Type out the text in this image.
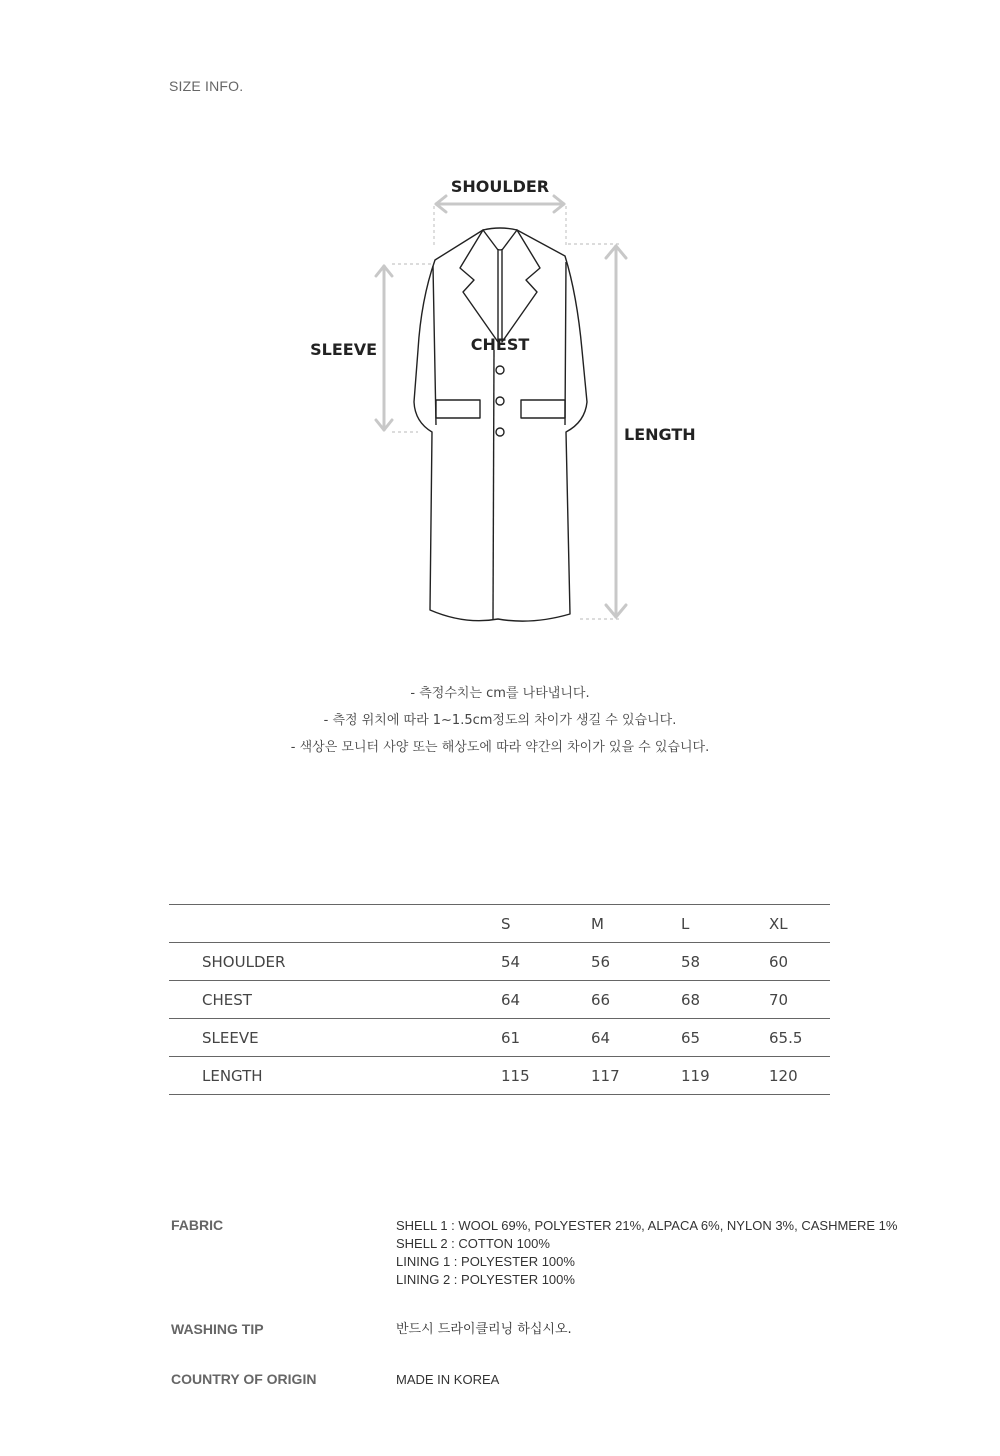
SIZE INFO.
SHOULDER
CHEST
SLEEVE
LENGTH
- 측정수치는 cm를 나타냅니다.
- 측정 위치에 따라 1~1.5cm정도의 차이가 생길 수 있습니다.
- 색상은 모니터 사양 또는 해상도에 따라 약간의 차이가 있을 수 있습니다.
	S	M	L	XL
SHOULDER	54	56	58	60
CHEST	64	66	68	70
SLEEVE	61	64	65	65.5
LENGTH	115	117	119	120
FABRIC	SHELL 1 : WOOL 69%, POLYESTER 21%, ALPACA 6%, NYLON 3%, CASHMERE 1%
SHELL 2 : COTTON 100%
LINING 1 : POLYESTER 100%
LINING 2 : POLYESTER 100%
WASHING TIP	반드시 드라이클리닝 하십시오.
COUNTRY OF ORIGIN	MADE IN KOREA
